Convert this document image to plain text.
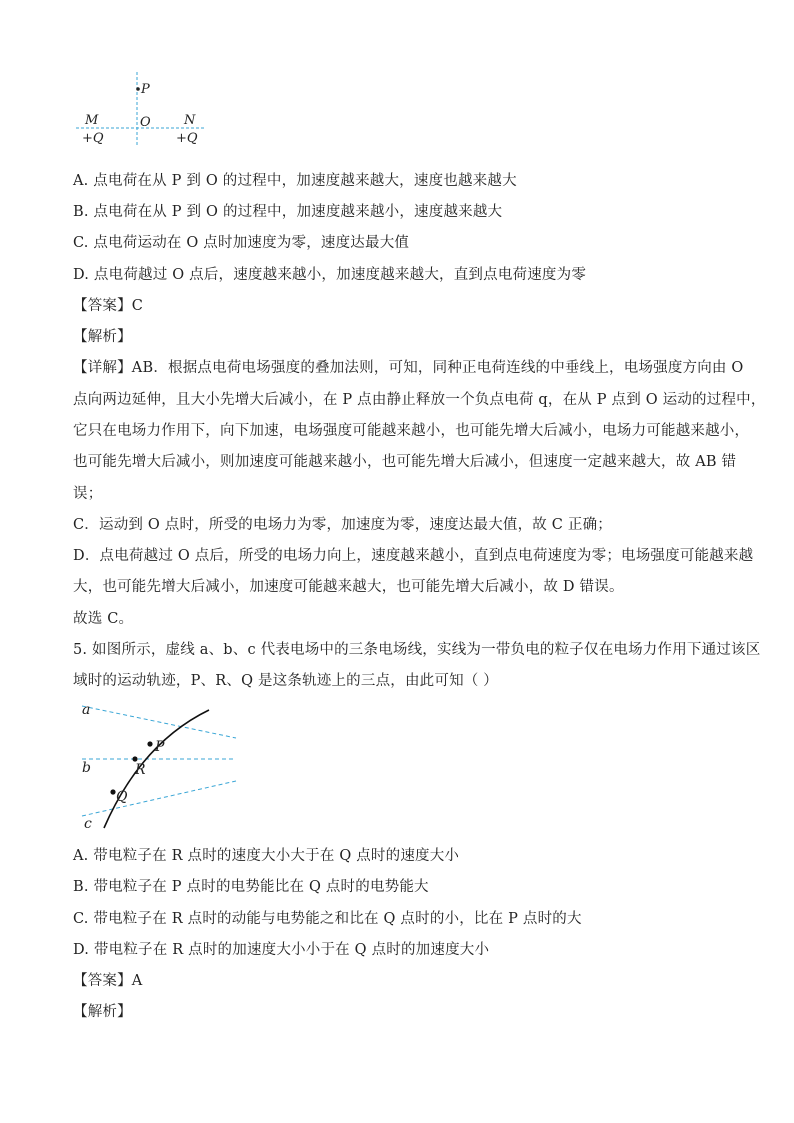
P
M	O	N
+Q	+Q
A. 点电荷在从 P 到 O 的过程中，加速度越来越大，速度也越来越大
B. 点电荷在从 P 到 O 的过程中，加速度越来越小，速度越来越大
C. 点电荷运动在 O 点时加速度为零，速度达最大值
D. 点电荷越过 O 点后，速度越来越小，加速度越来越大，直到点电荷速度为零
【答案】C
【解析】
【详解】AB．根据点电荷电场强度的叠加法则，可知，同种正电荷连线的中垂线上，电场强度方向由 O
点向两边延伸，且大小先增大后减小，在 P 点由静止释放一个负点电荷 q，在从 P 点到 O 运动的过程中，
它只在电场力作用下，向下加速，电场强度可能越来越小，也可能先增大后减小，电场力可能越来越小，
也可能先增大后减小，则加速度可能越来越小，也可能先增大后减小，但速度一定越来越大，故 AB 错
误；
C．运动到 O 点时，所受的电场力为零，加速度为零，速度达最大值，故 C 正确；
D．点电荷越过 O 点后，所受的电场力向上，速度越来越小，直到点电荷速度为零；电场强度可能越来越
大，也可能先增大后减小，加速度可能越来越大，也可能先增大后减小，故 D 错误。
故选 C。
5. 如图所示，虚线 a、b、c 代表电场中的三条电场线，实线为一带负电的粒子仅在电场力作用下通过该区
域时的运动轨迹，P、R、Q 是这条轨迹上的三点，由此可知（ ）
a
b
c
P
R
Q
A. 带电粒子在 R 点时的速度大小大于在 Q 点时的速度大小
B. 带电粒子在 P 点时的电势能比在 Q 点时的电势能大
C. 带电粒子在 R 点时的动能与电势能之和比在 Q 点时的小，比在 P 点时的大
D. 带电粒子在 R 点时的加速度大小小于在 Q 点时的加速度大小
【答案】A
【解析】
